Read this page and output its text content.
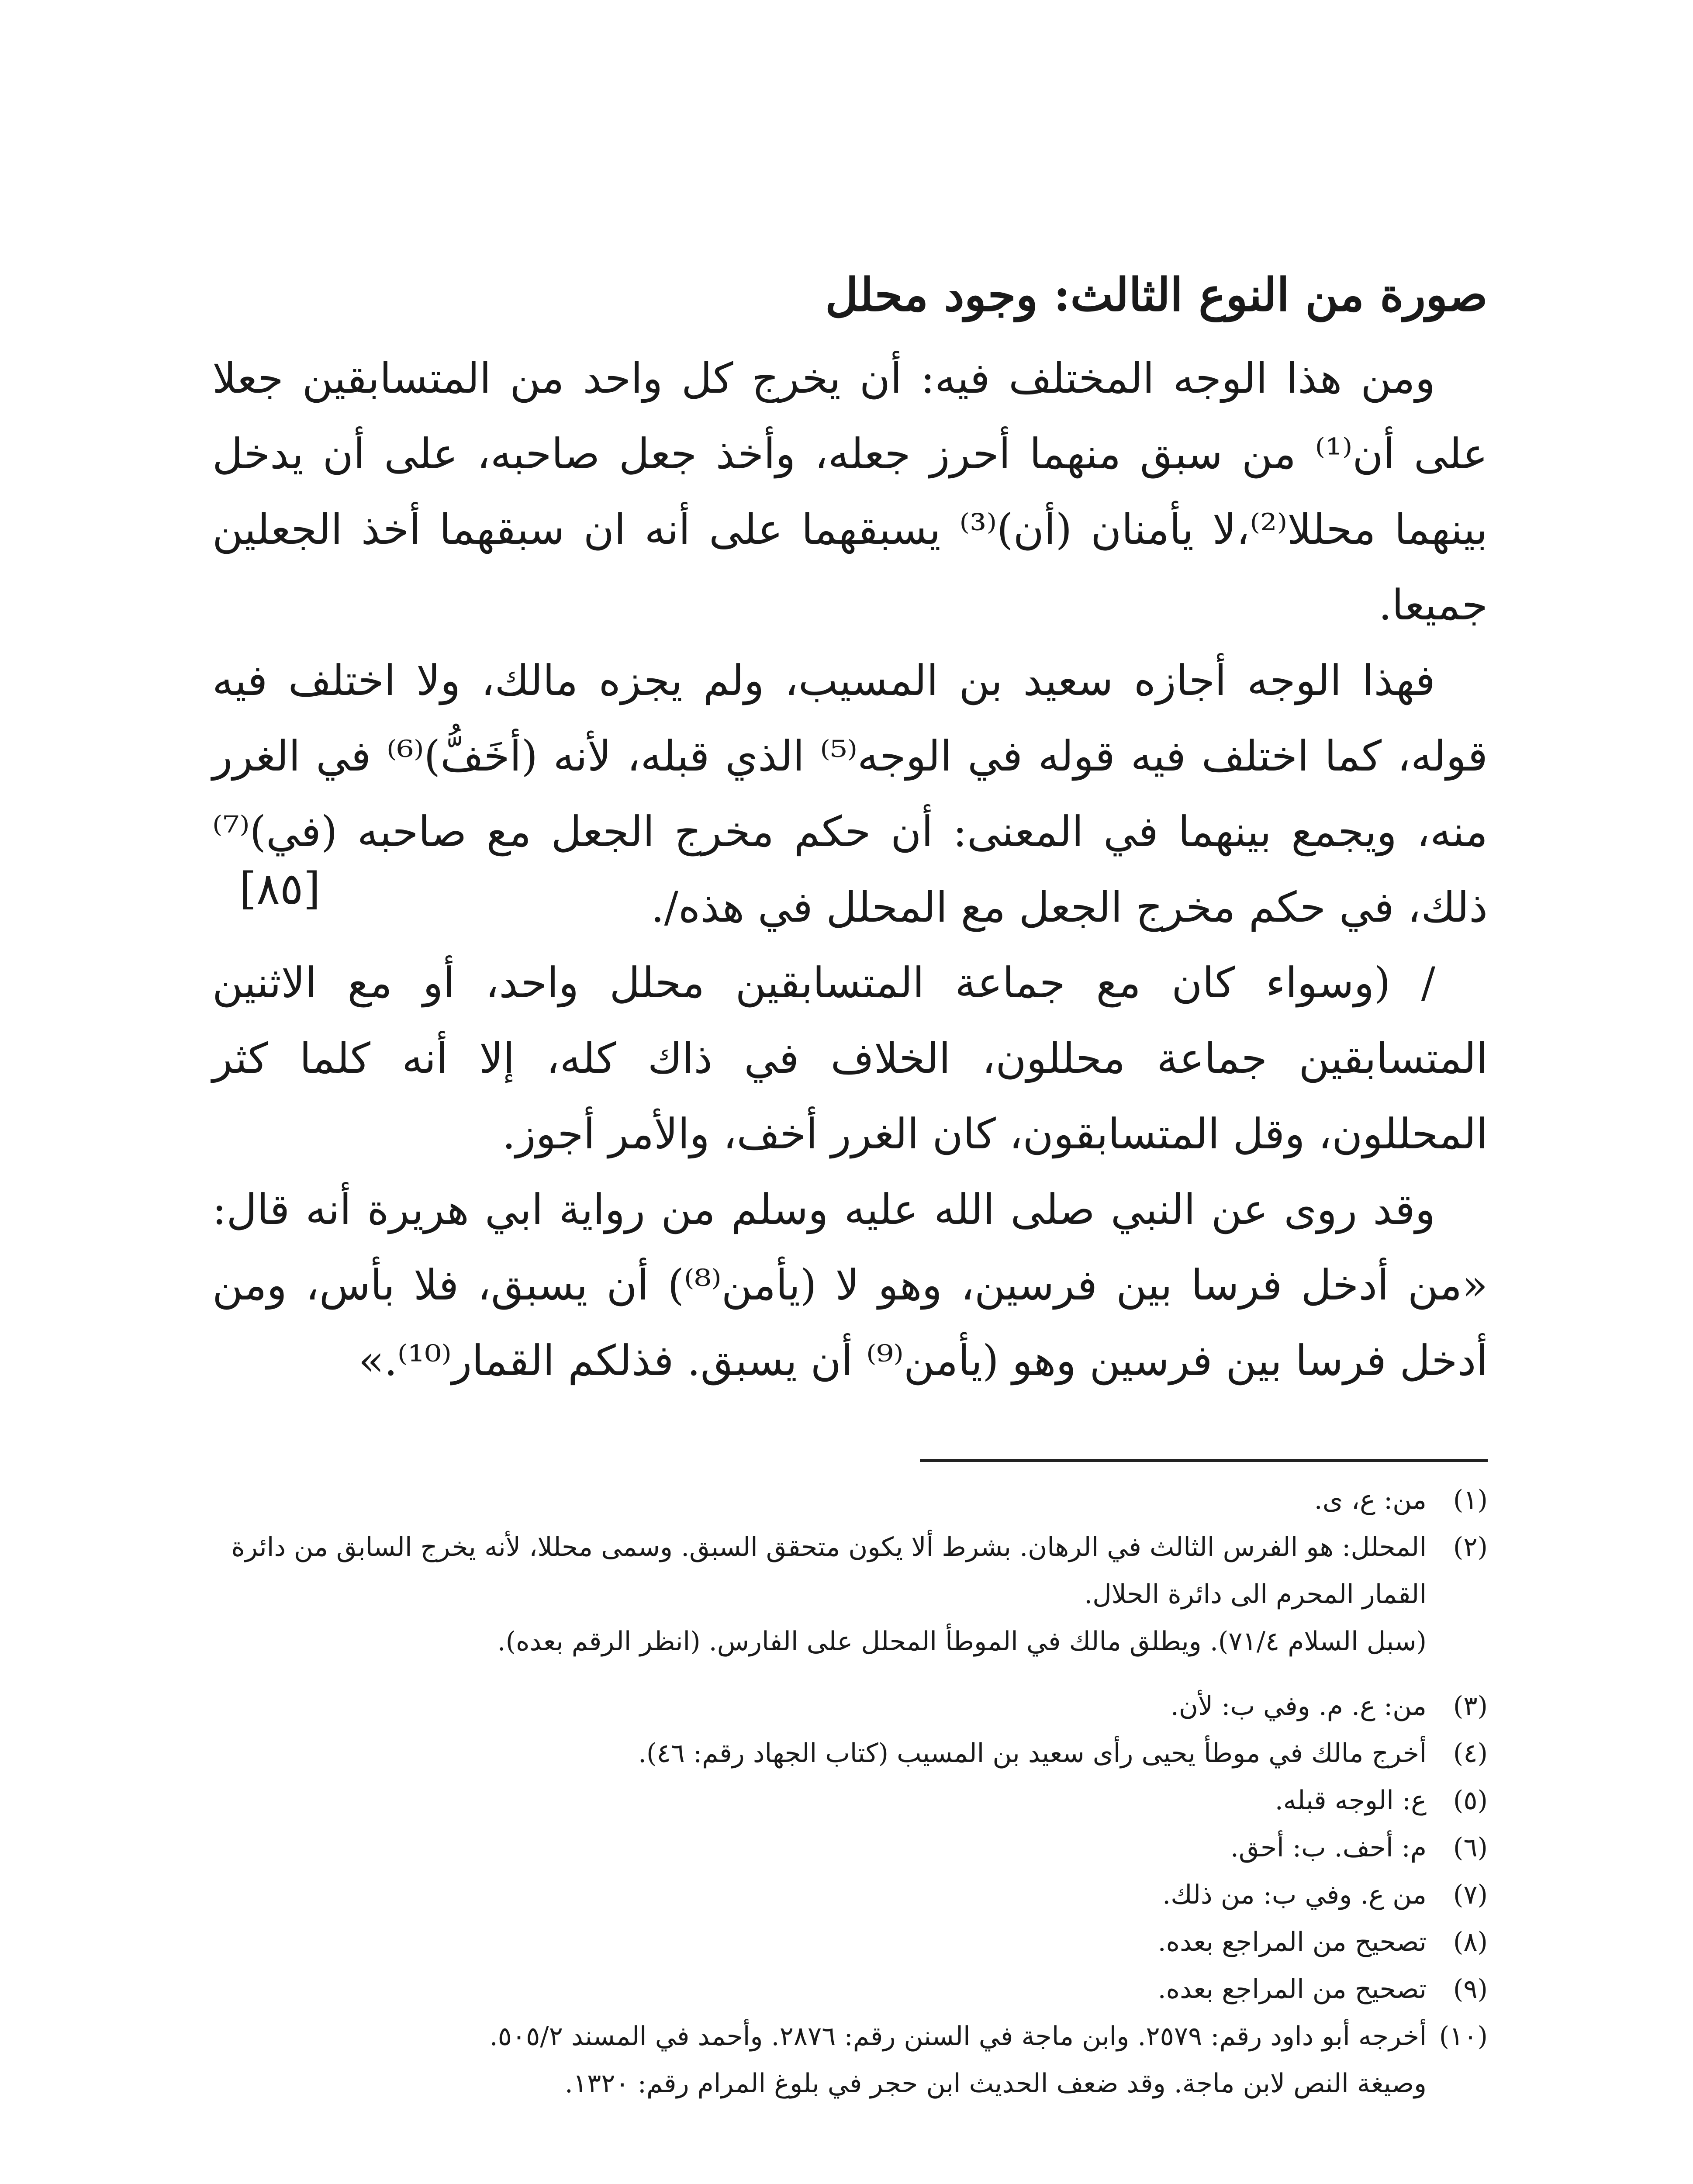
صورة من النوع الثالث: وجود محلل

ومن هذا الوجه المختلف فيه: أن يخرج كل واحد من المتسابقين جعلا على أن⁽¹⁾ من سبق منهما أحرز جعله، وأخذ جعل صاحبه، على أن يدخل بينهما محللا⁽²⁾،لا يأمنان (أن)⁽³⁾ يسبقهما على أنه ان سبقهما أخذ الجعلين جميعا.

فهذا الوجه أجازه سعيد بن المسيب، ولم يجزه مالك، ولا اختلف فيه قوله، كما اختلف فيه قوله في الوجه⁽⁵⁾ الذي قبله، لأنه (أخَفُّ)⁽⁶⁾ في الغرر منه، ويجمع بينهما في المعنى: أن حكم مخرج الجعل مع صاحبه (في)⁽⁷⁾ ذلك، في حكم مخرج الجعل مع المحلل في هذه/.

/ (وسواء كان مع جماعة المتسابقين محلل واحد، أو مع الاثنين المتسابقين جماعة محللون، الخلاف في ذاك كله، إلا أنه كلما كثر المحللون، وقل المتسابقون، كان الغرر أخف، والأمر أجوز.

وقد روى عن النبي صلى الله عليه وسلم من رواية ابي هريرة أنه قال: «من أدخل فرسا بين فرسين، وهو لا (يأمن⁽⁸⁾) أن يسبق، فلا بأس، ومن أدخل فرسا بين فرسين وهو (يأمن⁽⁹⁾ أن يسبق. فذلكم القمار⁽¹⁰⁾.»

[٨٥]
(١)
من: ع، ى.
(٢)
المحلل: هو الفرس الثالث في الرهان. بشرط ألا يكون متحقق السبق. وسمى محللا، لأنه يخرج السابق من دائرة القمار المحرم الى دائرة الحلال.
(سبل السلام ٧١/٤). ويطلق مالك في الموطأ المحلل على الفارس. (انظر الرقم بعده).
(٣)
من: ع. م. وفي ب: لأن.
(٤)
أخرج مالك في موطأ يحيى رأى سعيد بن المسيب (كتاب الجهاد رقم: ٤٦).
(٥)
ع: الوجه قبله.
(٦)
م: أحف. ب: أحق.
(٧)
من ع. وفي ب: من ذلك.
(٨)
تصحيح من المراجع بعده.
(٩)
تصحيح من المراجع بعده.
(١٠)
أخرجه أبو داود رقم: ٢٥٧٩. وابن ماجة في السنن رقم: ٢٨٧٦. وأحمد في المسند ٥٠٥/٢.
وصيغة النص لابن ماجة. وقد ضعف الحديث ابن حجر في بلوغ المرام رقم: ١٣٢٠.
